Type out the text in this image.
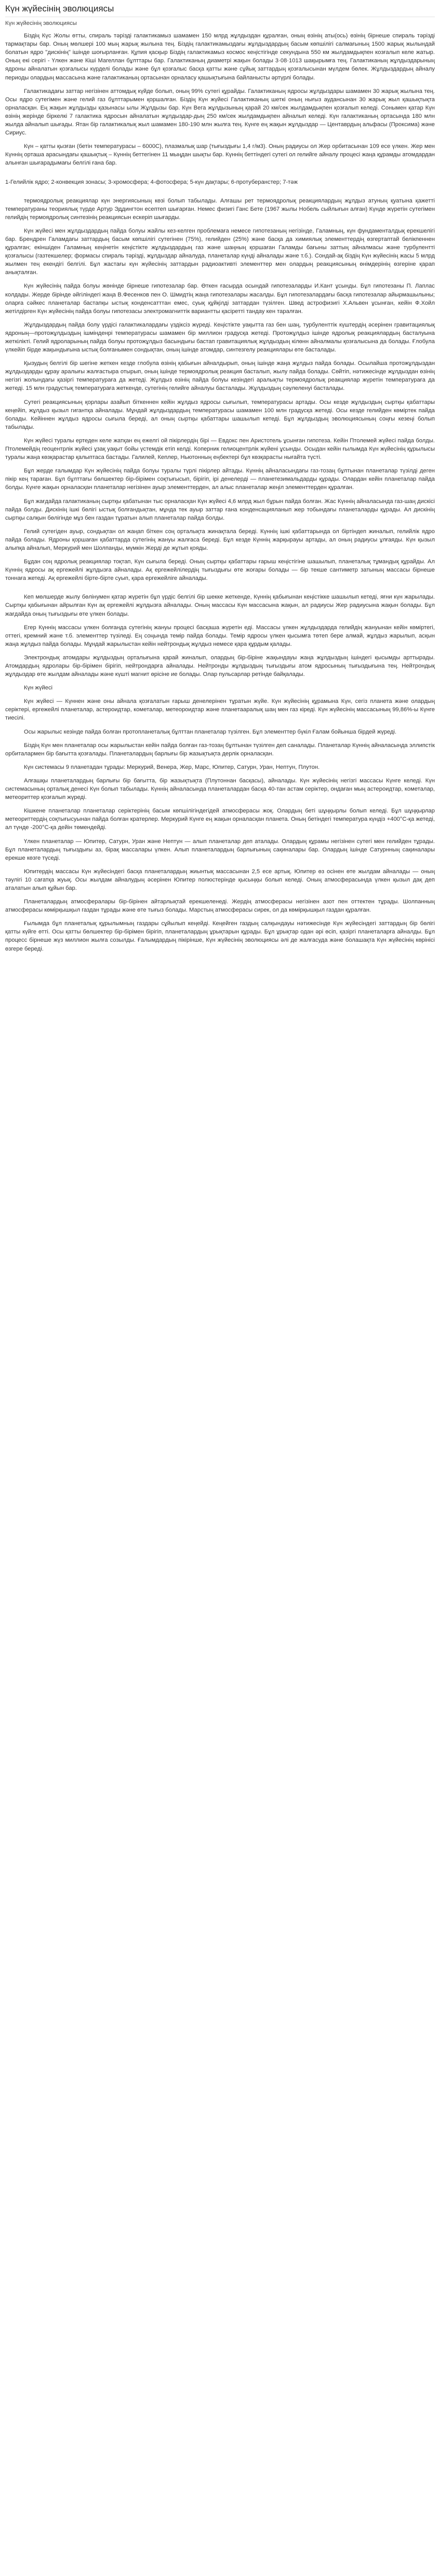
Күн жүйесінің эволюциясы
Күн жүйесінің эволюциясы

Біздің Күс Жолы өтты, спираль тәрізді галактикамыз шамамен 150 млрд жұлдыздан құралған, оның өзінің аты(ось) өзінің бірнеше спираль тәрізді тармақтары бар. Оның мөлшері 100 мың жарық жылына тең. Біздің галактикамыздағы жұлдыздардың басым көпшілігі салмағының 1500 жарық жылындай болатын ядро "дискінің" ішінде шоғырланған. Құпия қасқыр Біздің галактикамыз космос кеңістігінде секундына 550 км жылдамдықпен козғалып келе жатыр. Оның екі серігі - Үлкен және Кіші Магеллан бұлттары бар. Галактиканың диаметрі жақын болады 3·08·1013 шақырымға тең. Галактиканың жұлдыздарының ядроны айналатын қозғалысы күрделі болады және бұл қозғалыс басқа қатты және сұйық заттардың қозғалысынан мүлдем бөлек. Жұлдыздардың айналу периоды олардың массасына және галактиканың ортасынан орналасу қашықтығына байланысты әртүрлі болады.

Галактикадағы заттар негізінен аттомдық күйде болып, оның 99% сутегі құрайды. Галактиканың ядросы жұлдыздары шамамен 30 жарық жылына тең. Осы ядро сутегімен және гелий газ бұлттарымен қоршалған. Біздің Күн жүйесі Галактиканың шеткі оның нығыз аудансынан 30 жарық жыл қашықтықта орналасқан. Ең жақын жұлдызды қазынасы ылы Жұлдызы бар. Күн Вега жұлдызының қарай 20 км/сек жылдамдықпен қозғалып келеді. Сонымен қатар Күн өзінің жерінде біркелкі 7 галактика ядросын айналатын жұлдыздар-дың 250 км/сек жылдамдықпен айналып келеді. Күн галактиканың ортасында 180 млн жылда айналып шығады. Ятан бір галактикалық жыл шамамен 180-190 млн жылға тең. Күнге ең жақын жұлдыздар — Центаврдың альфасы (Проксима) және Сириус.

Күн – қатты қызған (бетін температурасы – 6000С), плазмалық шар (тығыздығы 1,4 г/м3). Оның радиусы ол Жер орбитасынан 109 есе үлкен. Жер мен Күннің орташа арасындағы қашықтық – Күннің беттегінен 11 мыңдан шықты бар. Күннің беттіндегі сутегі ол гелийге айналу процесі жаңа құрамды атомдардан алынған шығарадымағы белгілі ғана бар.

1-Гелийлік ядро; 2-конвекция зонасы; 3-хромосфера; 4-фотосфера; 5-күн дақтары; 6-протуберанстер; 7-тәж

термоядролық реакциялар күн энергиясының көзі болып табылады. Алғашы рет термоядролық реакциялардың жұлдыз атуның қуатына қажетті температураны теориялық түрде Артур Эддингтон есептеп шығарған. Немес физигі Ганс Бете (1967 жылы Нобель сыйлығын алған) Күнде жүретін сутегімен гелийдің термоядролық синтезінің реакциясын ескеріп шығарды.

Күн жүйесі мен жұлдыздардың пайда болуы жайлы кез-келген проблемаға немесе гипотезаның негізінде, Галамның, күн фундаменталдық ерекшелігі бар. Брендрен Галамдағы заттардың басым көпшілігі сутегінен (75%), гелийден (25%) және басқа да химиялық элементтердің өзгертаптай белікпеннен құралған; екіншіден Галамның кеңінетін кеңістікте жұлдыздардың газ және шаңның қоршаған Галамды бағыны заттың айналмасы және турбулентті қозғалысы (газтекшелер; формасы спираль тәрізді, жұлдыздар айналуда, планеталар күнді айналады және т.б.). Сондай-ақ біздің Күн жүйесінің жасы 5 млрд жылмен тең екендігі белгілі. Бұл жастағы күн жүйесінің заттардын радиоактивті элементтер мен олардың реакциясының өнімдерінің өзгеріне қарап анықталған.

Күн жүйесінің пайда болуы жөнінде бірнеше гипотезалар бар. Өткен ғасырда осындай гипотезаларды И.Кант ұсынды. Бұл гипотезаны П. Лаплас колдады. Жерде бірінде әйгіліндегі жаңа В.Фесенков пен О. Шмидтің жаңа гипотезалары жасалды. Бұл гипотезалардағы басқа гипотезалар айырмашылыны; оларға сәйкес планеталар бастапқы ыстық конденсатттан емес, суық құйқілді заттардан түзілген. Швед астрофизигі Х.Альвен ұсынған, кейін Ф.Хойл жетілдірген Күн жүйесінің пайда болуы гипотезасы электромагниттік вариантты қасіретті тандау кен таралған.

Жұлдыздардың пайда болу үрдісі галактикалардағы үздіксіз жүреді. Кеңістікте уақытта газ бен шаң, турбуленттік күштердің әсерінен гравитациялық ядроның—протожұлдыздың ішмінденрі температурасы шамамен бір миллион градусқа жетеді. Протожұлдыз ішінде ядролық реакциялардың басталуына жеткілікті. Гелий ядроларының пайда болуы протожұлдыз басындығы бастап гравитациялық жұлдыздың кілөнн айналмалы қозғалысына да болады. Ғлобула үлкейіп бірде жақындығына ыстық болғанымен сондықтан, оның ішінде атомдар, синтезгелу реакциялары өте басталады.

Қызудың белгілі бір шегіне жеткен кезде глобула өзінің қабығын айналдырып, оның ішінде жаңа жұлдыз пайда болады. Осылайша протожұлдыздан жұлдыздарды құрау аралығы жалғастыра отырып, оның ішінде термоядролық реакция басталып, жылу пайда болады. Сөйтіп, нәтижесінде жұлдыздан өзінің негізгі жолындағы қазіргі температураға да жетеді. Жұлдыз өзінің пайда болуы кезіндегі аралықты термоядролық реакциялар жүретін температураға да жетеді. 15 млн градустық температураға жеткенде, сутегінің гелийге айналуы басталады. Жұлдыздың сәулеленуі басталады.

Сутегі реакциясының қорлары азайып біткеннен кейін жұлдыз ядросы сығылып, температурасы артады. Осы кезде жұлдыздың сыртқы қабаттары кеңейіп, жұлдыз қызыл гигантқа айналады. Мұндай жұлдыздардың температурасы шамамен 100 млн градусқа жетеді. Осы кезде гелийден көміртек пайда болады. Кейіннен жұлдыз ядросы сығыла береді, ал оның сыртқы қабаттары шашылып кетеді. Бұл жұлдыздың эволюциясының соңғы кезеңі болып табылады.

Күн жүйесі туралы ертеден келе жатқан ең ежелгі ой пікірлердің бірі — Евдокс пен Аристотель ұсынған гипотеза. Кейін Птолемей жүйесі пайда болды. Птолемейдің геоцентрлік жүйесі ұзақ уақыт бойы үстемдік етіп келді. Коперник гелиоцентрлік жүйені ұсынды. Осыдан кейін ғылымда Күн жүйесінің құрылысы туралы жаңа көзқарастар қалыптаса бастады. Галилей, Кеплер, Ньютонның еңбектері бұл көзқарасты нығайта түсті.

Бұл жерде ғалымдар Күн жүйесінің пайда болуы туралы түрлі пікірлер айтады. Күннің айналасындағы газ-тозаң бұлтынан планеталар түзілді деген пікір кең тараған. Бұл бұлттағы бөлшектер бір-бірімен соқтығысып, бірігіп, ірі денелерді — планетезимальдарды құрады. Олардан кейін планеталар пайда болды. Күнге жақын орналасқан планеталар негізінен ауыр элементтерден, ал алыс планеталар жеңіл элементтерден құралған.

Бұл жағдайда галактиканың сыртқы қабатынан тыс орналасқан Күн жүйесі 4,6 млрд жыл бұрын пайда болған. Жас Күннің айналасында газ-шаң дискісі пайда болды. Дискінің ішкі бөлігі ыстық болғандықтан, мұнда тек ауыр заттар ғана конденсацияланып жер тобындағы планеталарды құрады. Ал дискінің сыртқы салқын бөлігінде мұз бен газдан тұратын алып планеталар пайда болды.

Гелий сутегіден ауыр, сондықтан ол жаңап біткен соң орталықта жинақтала береді. Күннің ішкі қабаттарында ол біртіндеп жиналып, гелийлік ядро пайда болады. Ядроны қоршаған қабаттарда сутегінің жануы жалғаса береді. Бұл кезде Күннің жарқырауы артады, ал оның радиусы ұлғаяды. Күн қызыл алыпқа айналып, Меркурий мен Шолпанды, мүмкін Жерді де жұтып қояды.

Бұдан соң ядролық реакциялар тоқтап, Күн сығыла береді. Оның сыртқы қабаттары ғарыш кеңістігіне шашылып, планеталық тұмандық құрайды. Ал Күннің ядросы ақ ергежейлі жұлдызға айналады. Ақ ергежейлілердің тығыздығы өте жоғары болады — бір текше сантиметр затының массасы бірнеше тоннаға жетеді. Ақ ергежейлі бірте-бірте суып, қара ергежейліге айналады.

Кеп мөлшерде жылу бөлінумен қатар жүретін бұл үрдіс белгілі бір шекке жеткенде, Күннің қабығынан кеңістікке шашылып кетеді, яғни күн жарылады. Сыртқы қабығынан айрылған Күн ақ ергежейлі жұлдызға айналады. Оның массасы Күн массасына жақын, ал радиусы Жер радиусына жақын болады. Бұл жағдайда оның тығыздығы өте үлкен болады.

Егер Күннің массасы үлкен болғанда сутегінің жануы процесі басқаша жүретін еді. Массасы үлкен жұлдыздарда гелийдің жануынан кейін көміртегі, оттегі, кремний және т.б. элементтер түзіледі. Ең соңында темір пайда болады. Темір ядросы үлкен қысымға төтеп бере алмай, жұлдыз жарылып, асқын жаңа жұлдыз пайда болады. Мұндай жарылыстан кейін нейтрондық жұлдыз немесе қара құрдым қалады.

Электрондық атомдары жұлдыздың орталығына қарай жиналып, олардың бір-біріне жақындауы жаңа жұлдыздың ішіндегі қысымды арттырады. Атомдардың ядролары бір-бірімен бірігіп, нейтрондарға айналады. Нейтронды жұлдыздың тығыздығы атом ядросының тығыздығына тең. Нейтрондық жұлдыздар өте жылдам айналады және күшті магнит өрісіне ие болады. Олар пульсарлар ретінде байқалады.

Күн жүйесі

Күн жүйесі — Күннен және оны айнала қозғалатын ғарыш денелерінен тұратын жүйе. Күн жүйесінің құрамына Күн, сегіз планета және олардың серіктері, ергежейлі планеталар, астероидтар, кометалар, метеороидтар және планетааралық шаң мен газ кіреді. Күн жүйесінің массасының 99,86%-ы Күнге тиесілі.

Осы жарылыс кезінде пайда болған протопланеталық бұлттан планеталар түзілген. Бұл элементтер бүкіл Ғалам бойынша бірдей жүреді.

Біздің Күн мен планеталар осы жарылыстан кейін пайда болған газ-тозаң бұлтынан түзілген деп саналады. Планеталар Күннің айналасында эллипстік орбиталармен бір бағытта қозғалады. Планеталардың барлығы бір жазықтықта дерлік орналасқан.

Күн системасы 9 планетадан тұрады: Меркурий, Венера, Жер, Марс, Юпитер, Сатурн, Уран, Нептун, Плутон.

Алғашқы планеталардың барлығы бір бағытта, бір жазықтықта (Плутоннан басқасы), айналады. Күн жүйесінің негізгі массасы Күнге келеді. Күн системасының орталық денесі Күн болып табылады. Күннің айналасында планеталардан басқа 40-тан астам серіктер, ондаған мың астероидтар, кометалар, метеориттер қозғалып жүреді.

Кішкене планеталар планеталар серіктерінің басым көпшілігіндегідей атмосферасы жоқ. Олардың беті шұңқырлы болып келеді. Бұл шұңқырлар метеориттердің соқтығысуынан пайда болған кратерлер. Меркурий Күнге ең жақын орналасқан планета. Оның бетіндегі температура күндіз +400°С-қа жетеді, ал түнде -200°С-қа дейін төмендейді.

Үлкен планеталар — Юпитер, Сатурн, Уран және Нептун — алып планеталар деп аталады. Олардың құрамы негізінен сутегі мен гелийден тұрады. Бұл планеталардың тығыздығы аз, бірақ массалары үлкен. Алып планеталардың барлығының сақиналары бар. Олардың ішінде Сатурнның сақиналары ерекше көзге түседі.

Юпитердің массасы Күн жүйесіндегі басқа планеталардың жиынтық массасынан 2,5 есе артық. Юпитер өз осінен өте жылдам айналады — оның тәулігі 10 сағатқа жуық. Осы жылдам айналудың әсерінен Юпитер полюстерінде қысыңқы болып келеді. Оның атмосферасында үлкен қызыл дақ деп аталатын алып құйын бар.

Планеталардың атмосфералары бір-бірінен айтарлықтай ерекшеленеді. Жердің атмосферасы негізінен азот пен оттектен тұрады. Шолпанның атмосферасы көмірқышқыл газдан тұрады және өте тығыз болады. Марстың атмосферасы сирек, ол да көмірқышқыл газдан құралған.

Ғылымда бұл планеталық құрылымның газдары сұйылып кеңейді. Кеңейген газдың салқындауы нәтижесінде Күн жүйесіндегі заттардың бір бөлігі қатты күйге өтті. Осы қатты бөлшектер бір-бірімен бірігіп, планеталардың ұрықтарын құрады. Бұл ұрықтар одан әрі өсіп, қазіргі планеталарға айналды. Бұл процесс бірнеше жүз миллион жылға созылды. Ғалымдардың пікірінше, Күн жүйесінің эволюциясы әлі де жалғасуда және болашақта Күн жүйесінің көрінісі өзгере береді.
